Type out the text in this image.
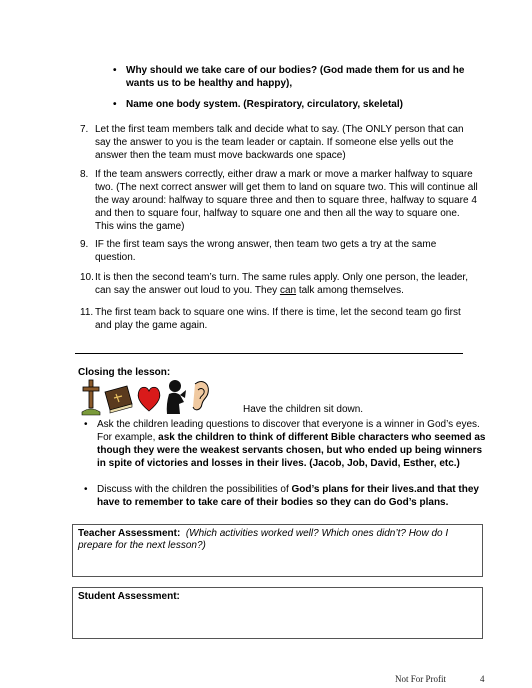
• Why should we take care of our bodies? (God made them for us and he wants us to be healthy and happy),
• Name one body system. (Respiratory, circulatory, skeletal)
7. Let the first team members talk and decide what to say. (The ONLY person that can say the answer to you is the team leader or captain. If someone else yells out the answer then the team must move backwards one space)
8. If the team answers correctly, either draw a mark or move a marker halfway to square two. (The next correct answer will get them to land on square two. This will continue all the way around: halfway to square three and then to square three, halfway to square 4 and then to square four, halfway to square one and then all the way to square one. This wins the game)
9. IF the first team says the wrong answer, then team two gets a try at the same question.
10. It is then the second team’s turn. The same rules apply. Only one person, the leader, can say the answer out loud to you. They can talk among themselves.
11. The first team back to square one wins. If there is time, let the second team go first and play the game again.
Closing the lesson:
Have the children sit down.
• Ask the children leading questions to discover that everyone is a winner in God’s eyes. For example, ask the children to think of different Bible characters who seemed as though they were the weakest servants chosen, but who ended up being winners in spite of victories and losses in their lives. (Jacob, Job, David, Esther, etc.)
• Discuss with the children the possibilities of God’s plans for their lives.and that they have to remember to take care of their bodies so they can do God’s plans.
Teacher Assessment: (Which activities worked well? Which ones didn’t? How do I prepare for the next lesson?)
Student Assessment:
Not For Profit	4
